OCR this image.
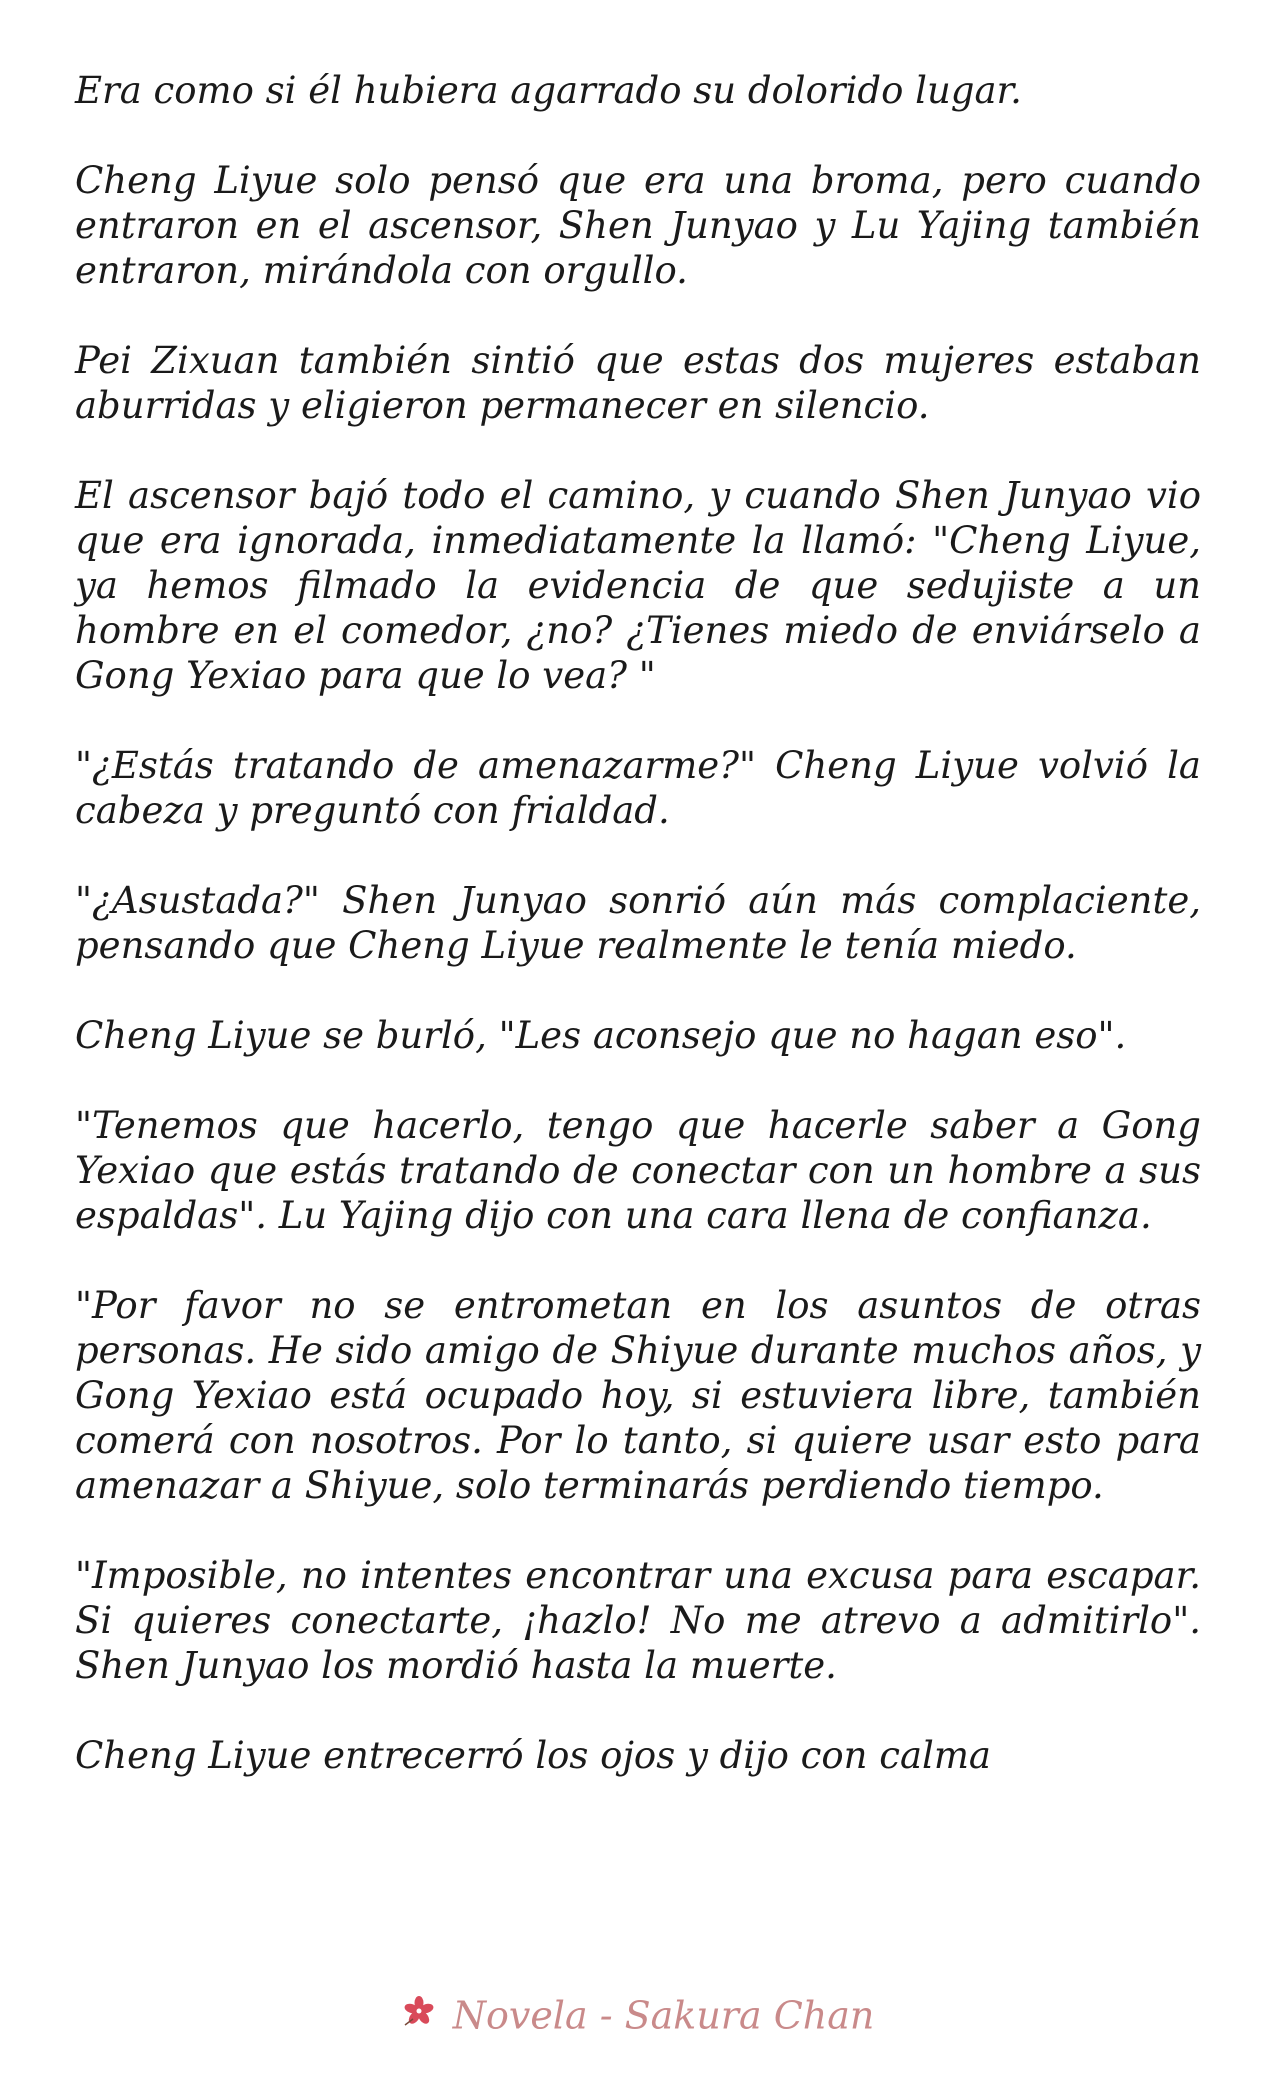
Era como si él hubiera agarrado su dolorido lugar.

Cheng Liyue solo pensó que era una broma, pero cuando entraron en el ascensor, Shen Junyao y Lu Yajing también entraron, mirándola con orgullo.

Pei Zixuan también sintió que estas dos mujeres estaban aburridas y eligieron permanecer en silencio.

El ascensor bajó todo el camino, y cuando Shen Junyao vio que era ignorada, inmediatamente la llamó: "Cheng Liyue, ya hemos filmado la evidencia de que sedujiste a un hombre en el comedor, ¿no? ¿Tienes miedo de enviárselo a Gong Yexiao para que lo vea? "

"¿Estás tratando de amenazarme?" Cheng Liyue volvió la cabeza y preguntó con frialdad.

"¿Asustada?" Shen Junyao sonrió aún más complaciente, pensando que Cheng Liyue realmente le tenía miedo.

Cheng Liyue se burló, "Les aconsejo que no hagan eso".

"Tenemos que hacerlo, tengo que hacerle saber a Gong Yexiao que estás tratando de conectar con un hombre a sus espaldas". Lu Yajing dijo con una cara llena de confianza.

"Por favor no se entrometan en los asuntos de otras personas. He sido amigo de Shiyue durante muchos años, y Gong Yexiao está ocupado hoy, si estuviera libre, también comerá con nosotros. Por lo tanto, si quiere usar esto para amenazar a Shiyue, solo terminarás perdiendo tiempo.

"Imposible, no intentes encontrar una excusa para escapar. Si quieres conectarte, ¡hazlo! No me atrevo a admitirlo". Shen Junyao los mordió hasta la muerte.

Cheng Liyue entrecerró los ojos y dijo con calma

Novela - Sakura Chan
